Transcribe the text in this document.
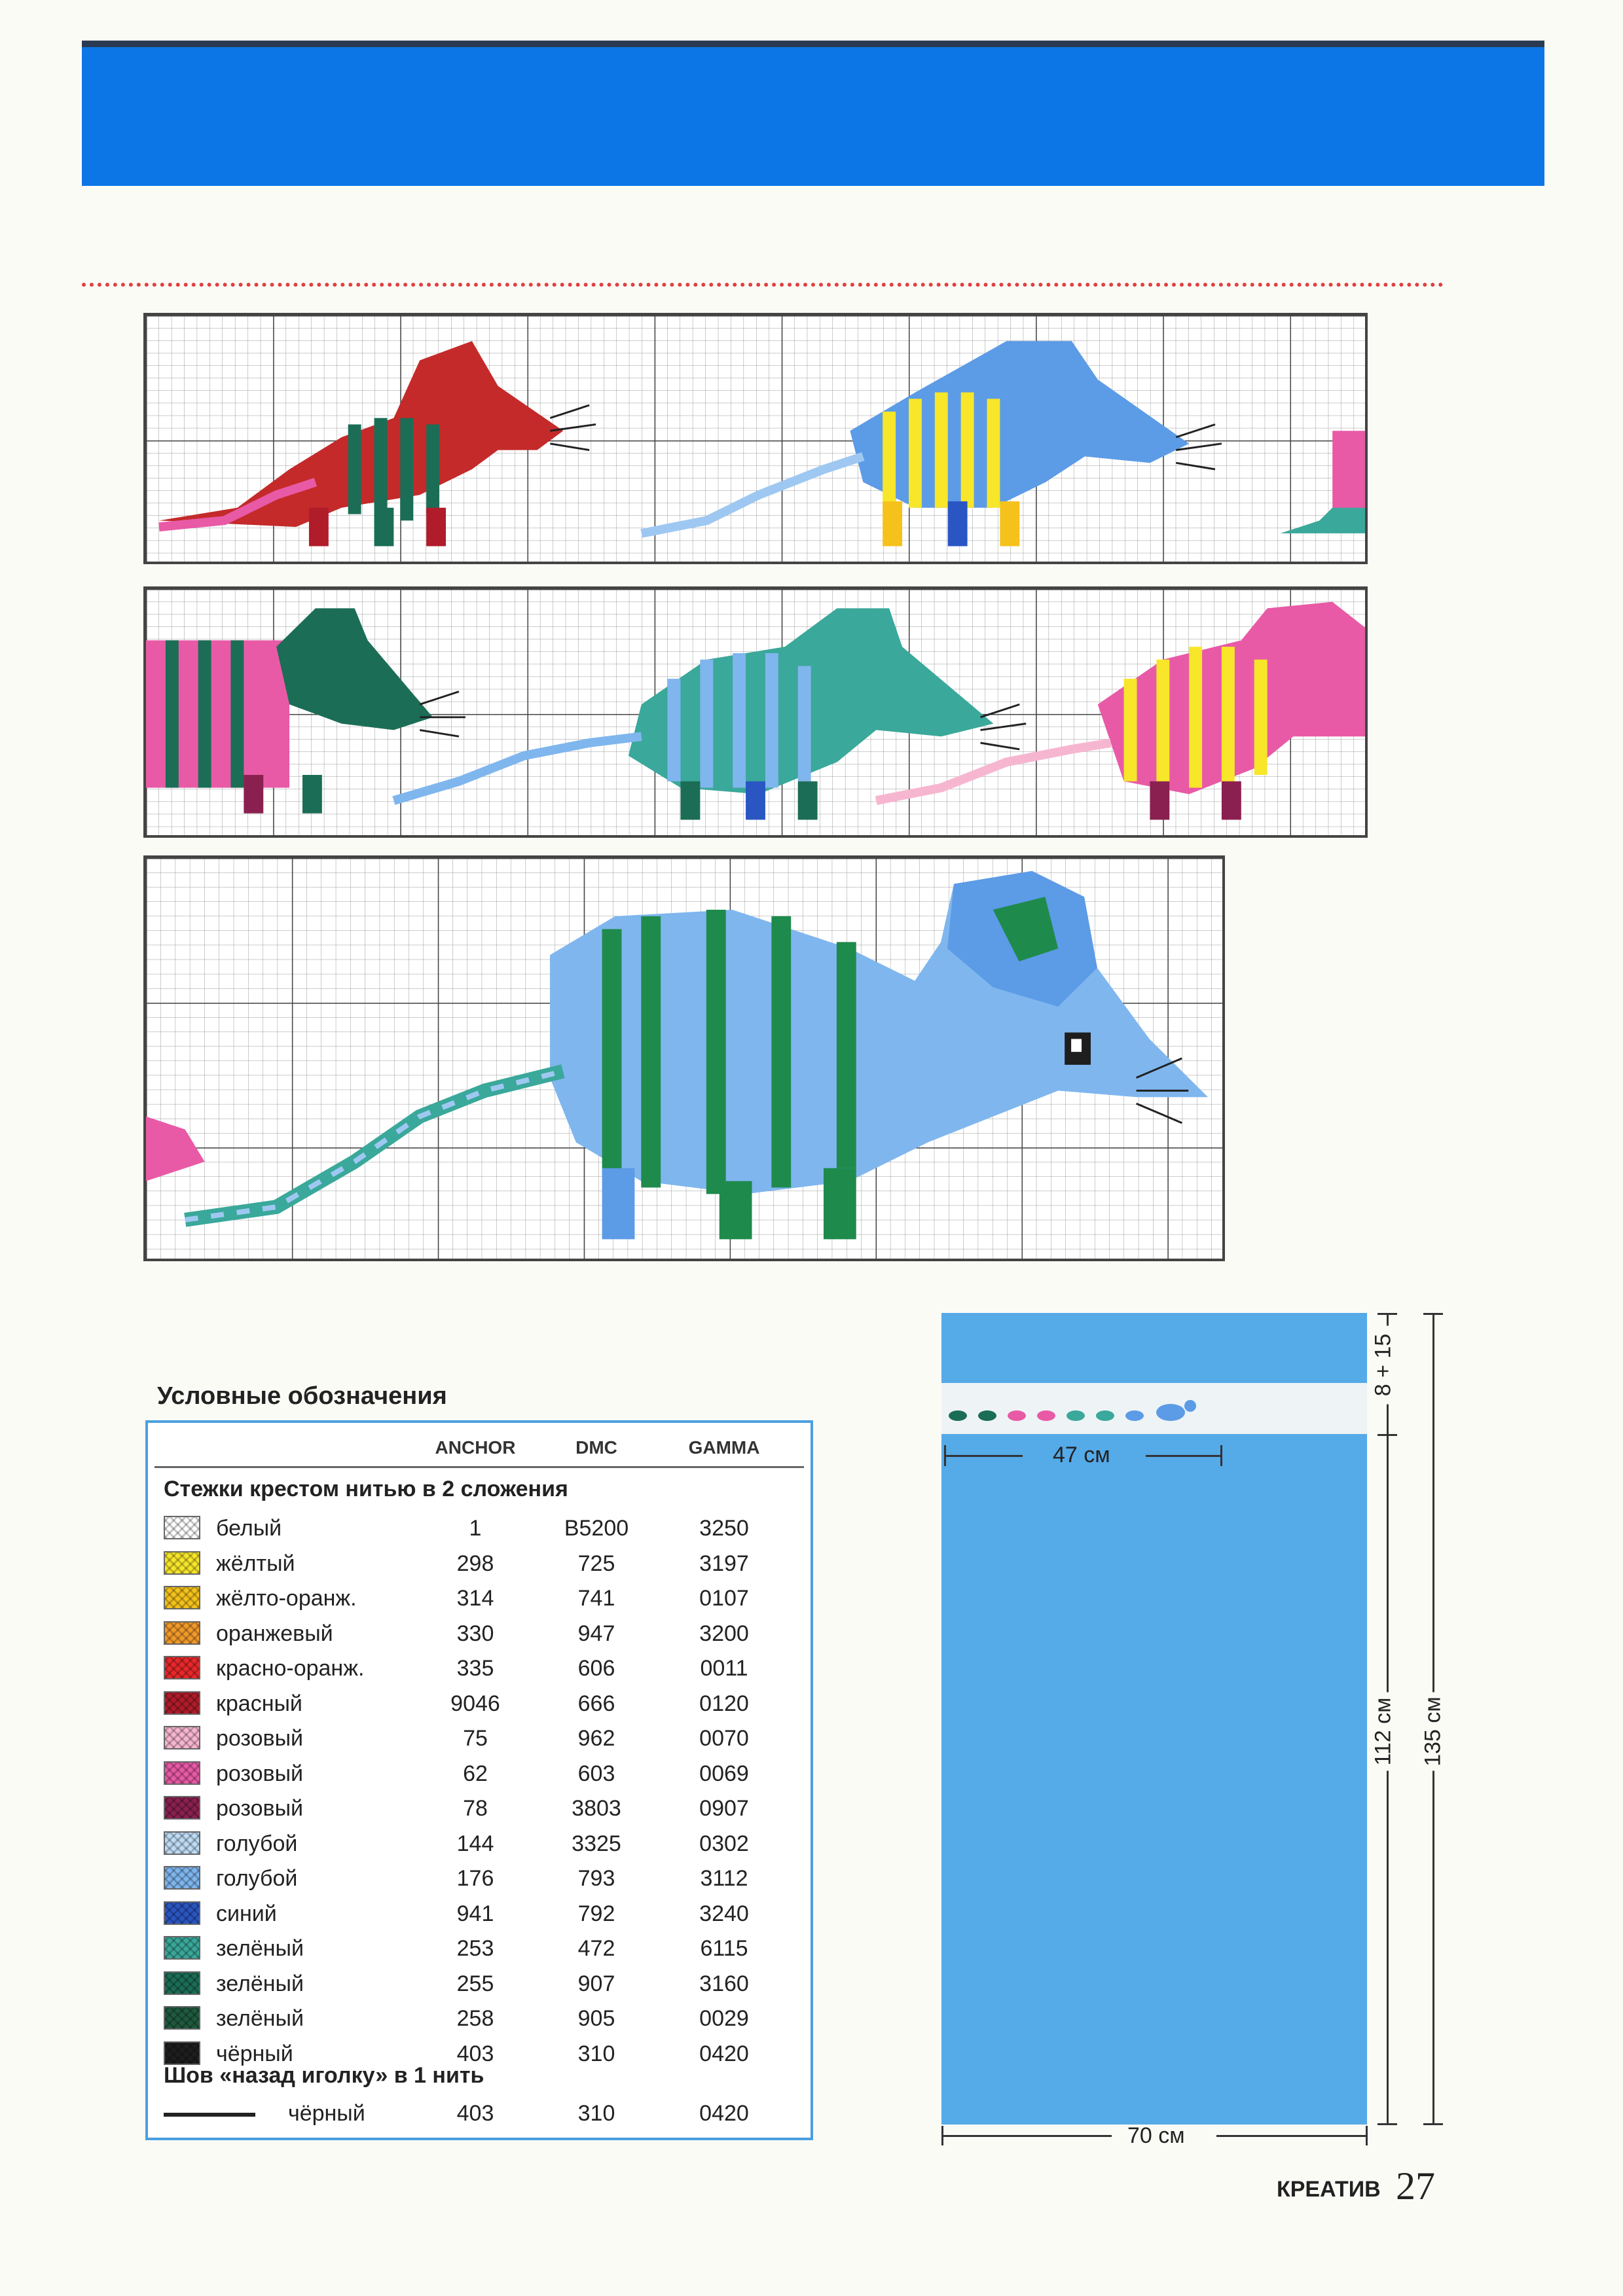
Условные обозначения
ANCHOR	DMC	GAMMA
Стежки крестом нитью в 2 сложения
белый	1	B5200	3250
жёлтый	298	725	3197
жёлто-оранж.	314	741	0107
оранжевый	330	947	3200
красно-оранж.	335	606	0011
красный	9046	666	0120
розовый	75	962	0070
розовый	62	603	0069
розовый	78	3803	0907
голубой	144	3325	0302
голубой	176	793	3112
синий	941	792	3240
зелёный	253	472	6115
зелёный	255	907	3160
зелёный	258	905	0029
чёрный	403	310	0420
Шов «назад иголку» в 1 нить
чёрный	403	310	0420
47 см
70 см
8 + 15
112 см 135 см
КРЕАТИВ 27
